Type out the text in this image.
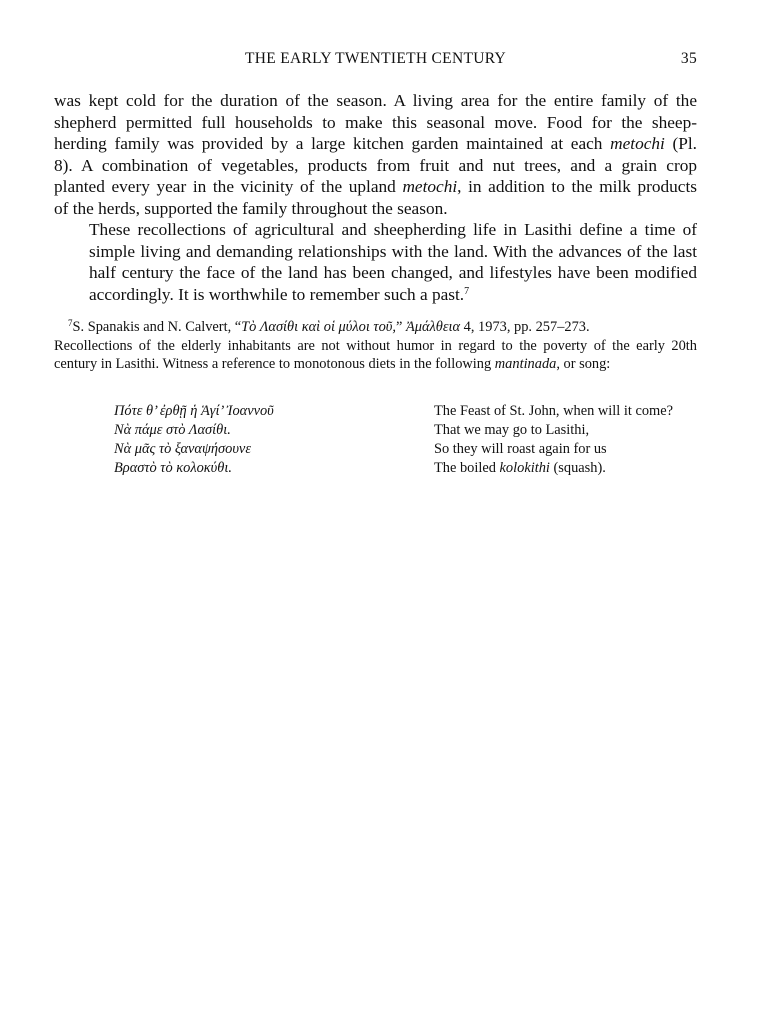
THE EARLY TWENTIETH CENTURY	35

was kept cold for the duration of the season. A living area for the entire family of the
shepherd permitted full households to make this seasonal move. Food for the sheep-
herding family was provided by a large kitchen garden maintained at each metochi (Pl.
8). A combination of vegetables, products from fruit and nut trees, and a grain crop
planted every year in the vicinity of the upland metochi, in addition to the milk products
of the herds, supported the family throughout the season.

These recollections of agricultural and sheepherding life in Lasithi define a time of
simple living and demanding relationships with the land. With the advances of the last
half century the face of the land has been changed, and lifestyles have been modified
accordingly. It is worthwhile to remember such a past.$^7$

$^7$S. Spanakis and N. Calvert, “Τὸ Λασίθι καὶ οἱ μύλοι τοῦ,” Ἀμάλθεια 4, 1973, pp. 257–273.
Recollections of the elderly inhabitants are not without humor in regard to the poverty of the early 20th
century in Lasithi. Witness a reference to monotonous diets in the following mantinada, or song:
Πότε θ’ ἐρθῇ ἡ Ἁγί’ Ἰοαννοῦ	The Feast of St. John, when will it come?
Νὰ πάμε στὸ Λασίθι.	That we may go to Lasithi,
Νὰ μᾶς τὸ ξαναψήσουνε	So they will roast again for us
Βραστὸ τὸ κολοκύθι.	The boiled kolokithi (squash).
